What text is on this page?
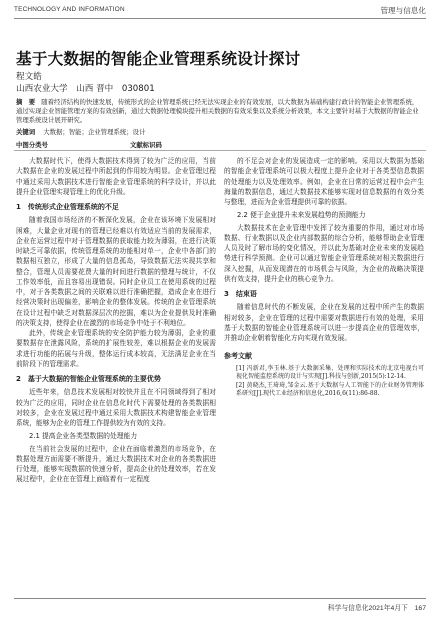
TECHNOLOGY AND INFORMATION	管理与信息化
基于大数据的智能企业管理系统设计探讨
程文皓
山西农业大学　山西 晋中　030801
摘　要 随着经济结构的快速发展，传统形式的企业管理系统已经无法实现企业的有效发展，以大数据为基础构建行政计的智能企业管理系统，通过实现企业智能管理方案的有效创新，通过大数据处理模块提升相关数据的有效采集以及系统分析效果，本文主要针对基于大数据的智能企业管理系统设计展开研究。
关键词 大数据；智能；企业管理系统；设计
中图分类号	文献标识码

大数据时代下，使得大数据技术得到了较为广泛的应用，当前大数据在企业的发展过程中所起到的作用较为明显。企业管理过程中通过采用大数据技术进行智能企业管理系统的科学设计，并以此提升企业管理实现管理上的优化升级。

1　传统形式企业管理系统的不足

随着我国市场经济的不断深化发展，企业在该环境下发展相对困难，大量企业对现有的管理已经难以有效适应当前的发展需求，企业在运营过程中对于管理数据的获取能力较为薄弱，在进行决策时缺乏可靠依据，传统管理系统的功能相对单一，企业中各部门的数据相互独立，形成了大量的信息孤岛，导致数据无法实现共享和整合，管理人员需要花费大量的时间进行数据的整理与统计，不仅工作效率低，而且容易出现错误。同时企业员工在使用系统的过程中，对于各类数据之间的关联难以进行准确把握，造成企业在进行经营决策时出现偏差，影响企业的整体发展。传统的企业管理系统在设计过程中缺乏对数据深层次的挖掘，难以为企业提供及时准确的决策支持，使得企业在激烈的市场竞争中处于不利地位。

此外，传统企业管理系统的安全防护能力较为薄弱，企业的重要数据存在泄露风险，系统的扩展性较差，难以根据企业的发展需求进行功能的拓展与升级，整体运行成本较高，无法满足企业在当前阶段下的管理需求。

2　基于大数据的智能企业管理系统的主要优势

近些年来，信息技术发展相对较快并且在不同领域得到了相对较为广泛的应用，同时企业在信息化时代下需要处理的各类数据相对较多，企业在发展过程中通过采用大数据技术构建智能企业管理系统，能够为企业的管理工作提供较为有效的支持。

2.1 提高企业各类型数据的处理能力

在当前社会发展的过程中，企业在面临着激烈的市场竞争，在数据处理方面需要不断提升，通过大数据技术对企业的各类数据进行处理，能够实现数据的快速分析，提高企业的处理效率，若在发展过程中，企业在在管理上面临着有一定程度

的不足会对企业的发展造成一定的影响。采用以大数据为基础的智能企业管理系统可以极大程度上提升企业对于各类型信息数据的处理能力以及处理效率。例如，企业在日常的运营过程中会产生海量的数据信息，通过大数据技术能够实现对信息数据的有效分类与整理，进而为企业管理提供可靠的依据。

2.2 便于企业提升未来发展趋势的预测能力

大数据技术在企业管理中发挥了较为重要的作用，通过对市场数据、行业数据以及企业内部数据的综合分析，能够帮助企业管理人员及时了解市场的变化情况，并以此为基础对企业未来的发展趋势进行科学预测。企业可以通过智能企业管理系统对相关数据进行深入挖掘，从而发现潜在的市场机会与风险，为企业的战略决策提供有效支持，提升企业的核心竞争力。

3　结束语

随着信息时代的不断发展，企业在发展的过程中所产生的数据相对较多，企业在管理的过程中需要对数据进行有效的处理，采用基于大数据的智能企业管理系统可以进一步提高企业的管理效率，并推动企业朝着智能化方向实现有效发展。

参考文献
[1] 冯新君,李玉林.基于大数据采集、处理和实际技术的北京电视台可视化智能监控系统的设计与实现[J].科技与创新,2015(5):12-14.
[2] 黄晓杰,王琦琦,邹金云.基于大数据与人工智能下的企业财务管理体系研究[J].现代工业经济和信息化,2016,6(11):86-88.
科学与信息化2021年4月下　167
